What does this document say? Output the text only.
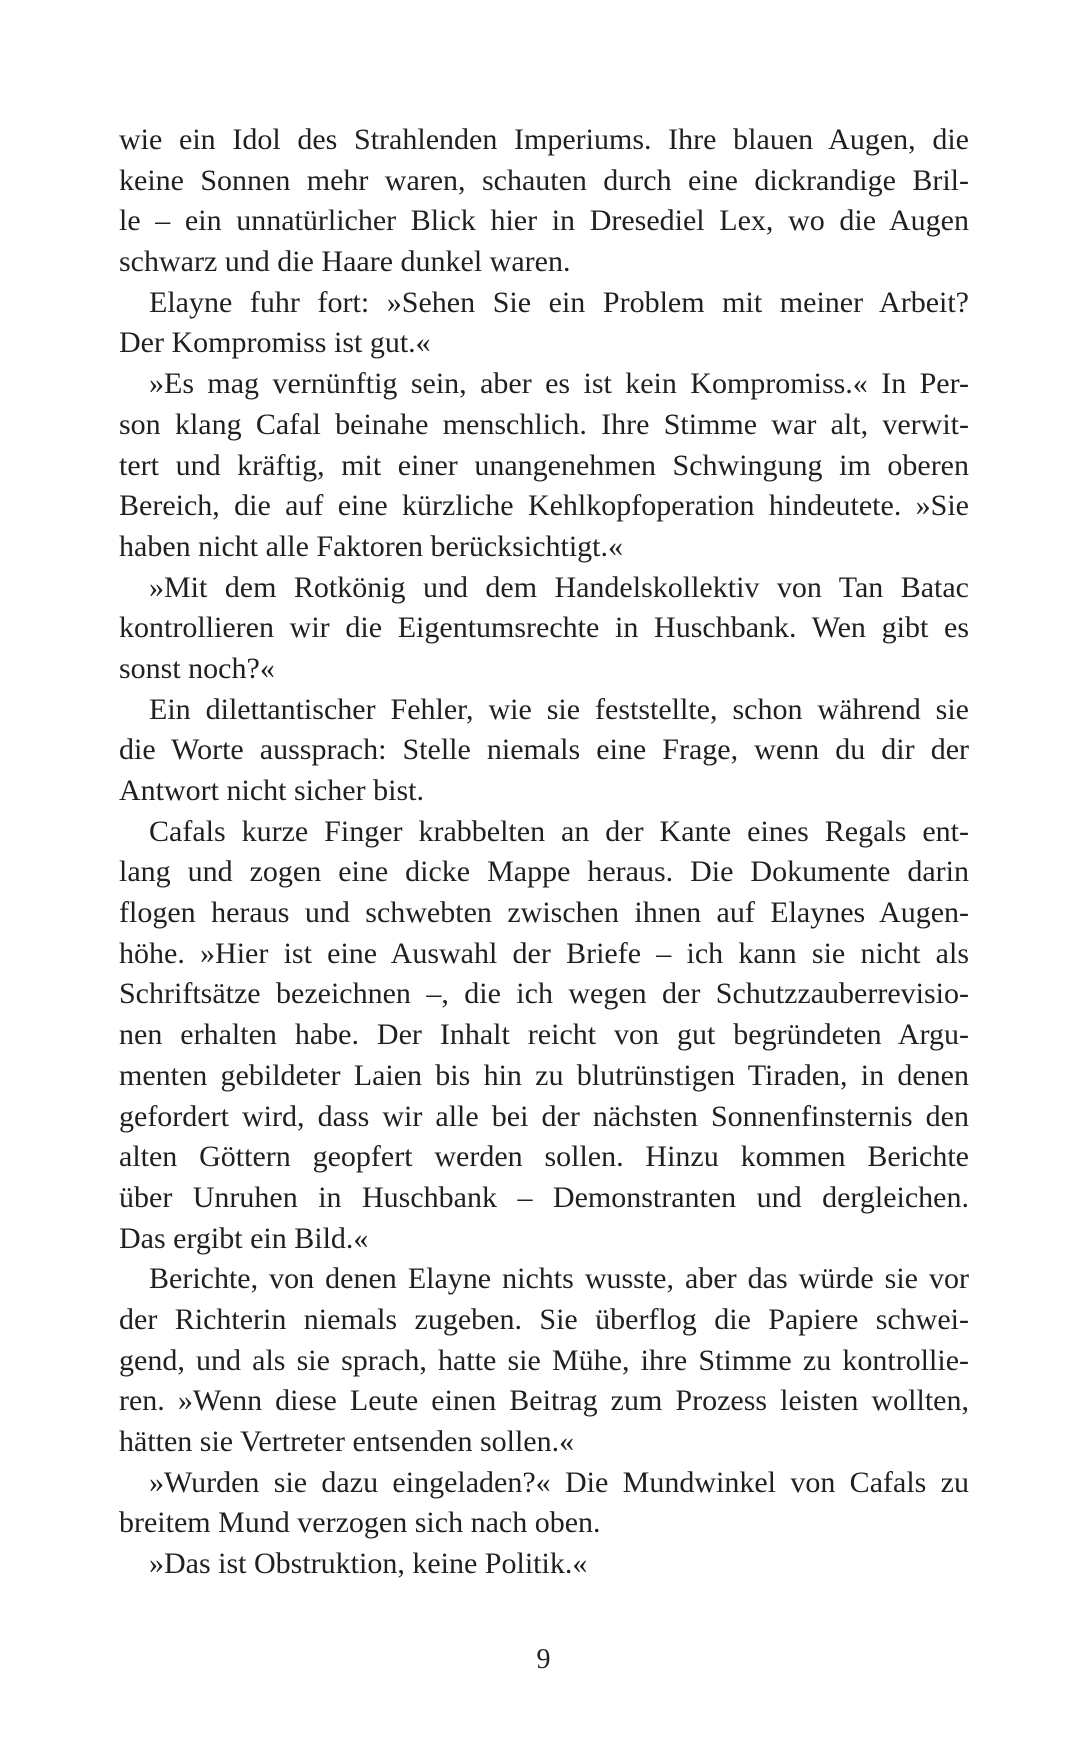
wie ein Idol des Strahlenden Imperiums. Ihre blauen Augen, die
keine Sonnen mehr waren, schauten durch eine dickrandige Bril-
le – ein unnatürlicher Blick hier in Dresediel Lex, wo die Augen
schwarz und die Haare dunkel waren.
Elayne fuhr fort: »Sehen Sie ein Problem mit meiner Arbeit?
Der Kompromiss ist gut.«
»Es mag vernünftig sein, aber es ist kein Kompromiss.« In Per-
son klang Cafal beinahe menschlich. Ihre Stimme war alt, verwit-
tert und kräftig, mit einer unangenehmen Schwingung im oberen
Bereich, die auf eine kürzliche Kehlkopfoperation hindeutete. »Sie
haben nicht alle Faktoren berücksichtigt.«
»Mit dem Rotkönig und dem Handelskollektiv von Tan Batac
kontrollieren wir die Eigentumsrechte in Huschbank. Wen gibt es
sonst noch?«
Ein dilettantischer Fehler, wie sie feststellte, schon während sie
die Worte aussprach: Stelle niemals eine Frage, wenn du dir der
Antwort nicht sicher bist.
Cafals kurze Finger krabbelten an der Kante eines Regals ent-
lang und zogen eine dicke Mappe heraus. Die Dokumente darin
flogen heraus und schwebten zwischen ihnen auf Elaynes Augen-
höhe. »Hier ist eine Auswahl der Briefe – ich kann sie nicht als
Schriftsätze bezeichnen –, die ich wegen der Schutzzauberrevisio-
nen erhalten habe. Der Inhalt reicht von gut begründeten Argu-
menten gebildeter Laien bis hin zu blutrünstigen Tiraden, in denen
gefordert wird, dass wir alle bei der nächsten Sonnenfinsternis den
alten Göttern geopfert werden sollen. Hinzu kommen Berichte
über Unruhen in Huschbank – Demonstranten und dergleichen.
Das ergibt ein Bild.«
Berichte, von denen Elayne nichts wusste, aber das würde sie vor
der Richterin niemals zugeben. Sie überflog die Papiere schwei-
gend, und als sie sprach, hatte sie Mühe, ihre Stimme zu kontrollie-
ren. »Wenn diese Leute einen Beitrag zum Prozess leisten wollten,
hätten sie Vertreter entsenden sollen.«
»Wurden sie dazu eingeladen?« Die Mundwinkel von Cafals zu
breitem Mund verzogen sich nach oben.
»Das ist Obstruktion, keine Politik.«
9
